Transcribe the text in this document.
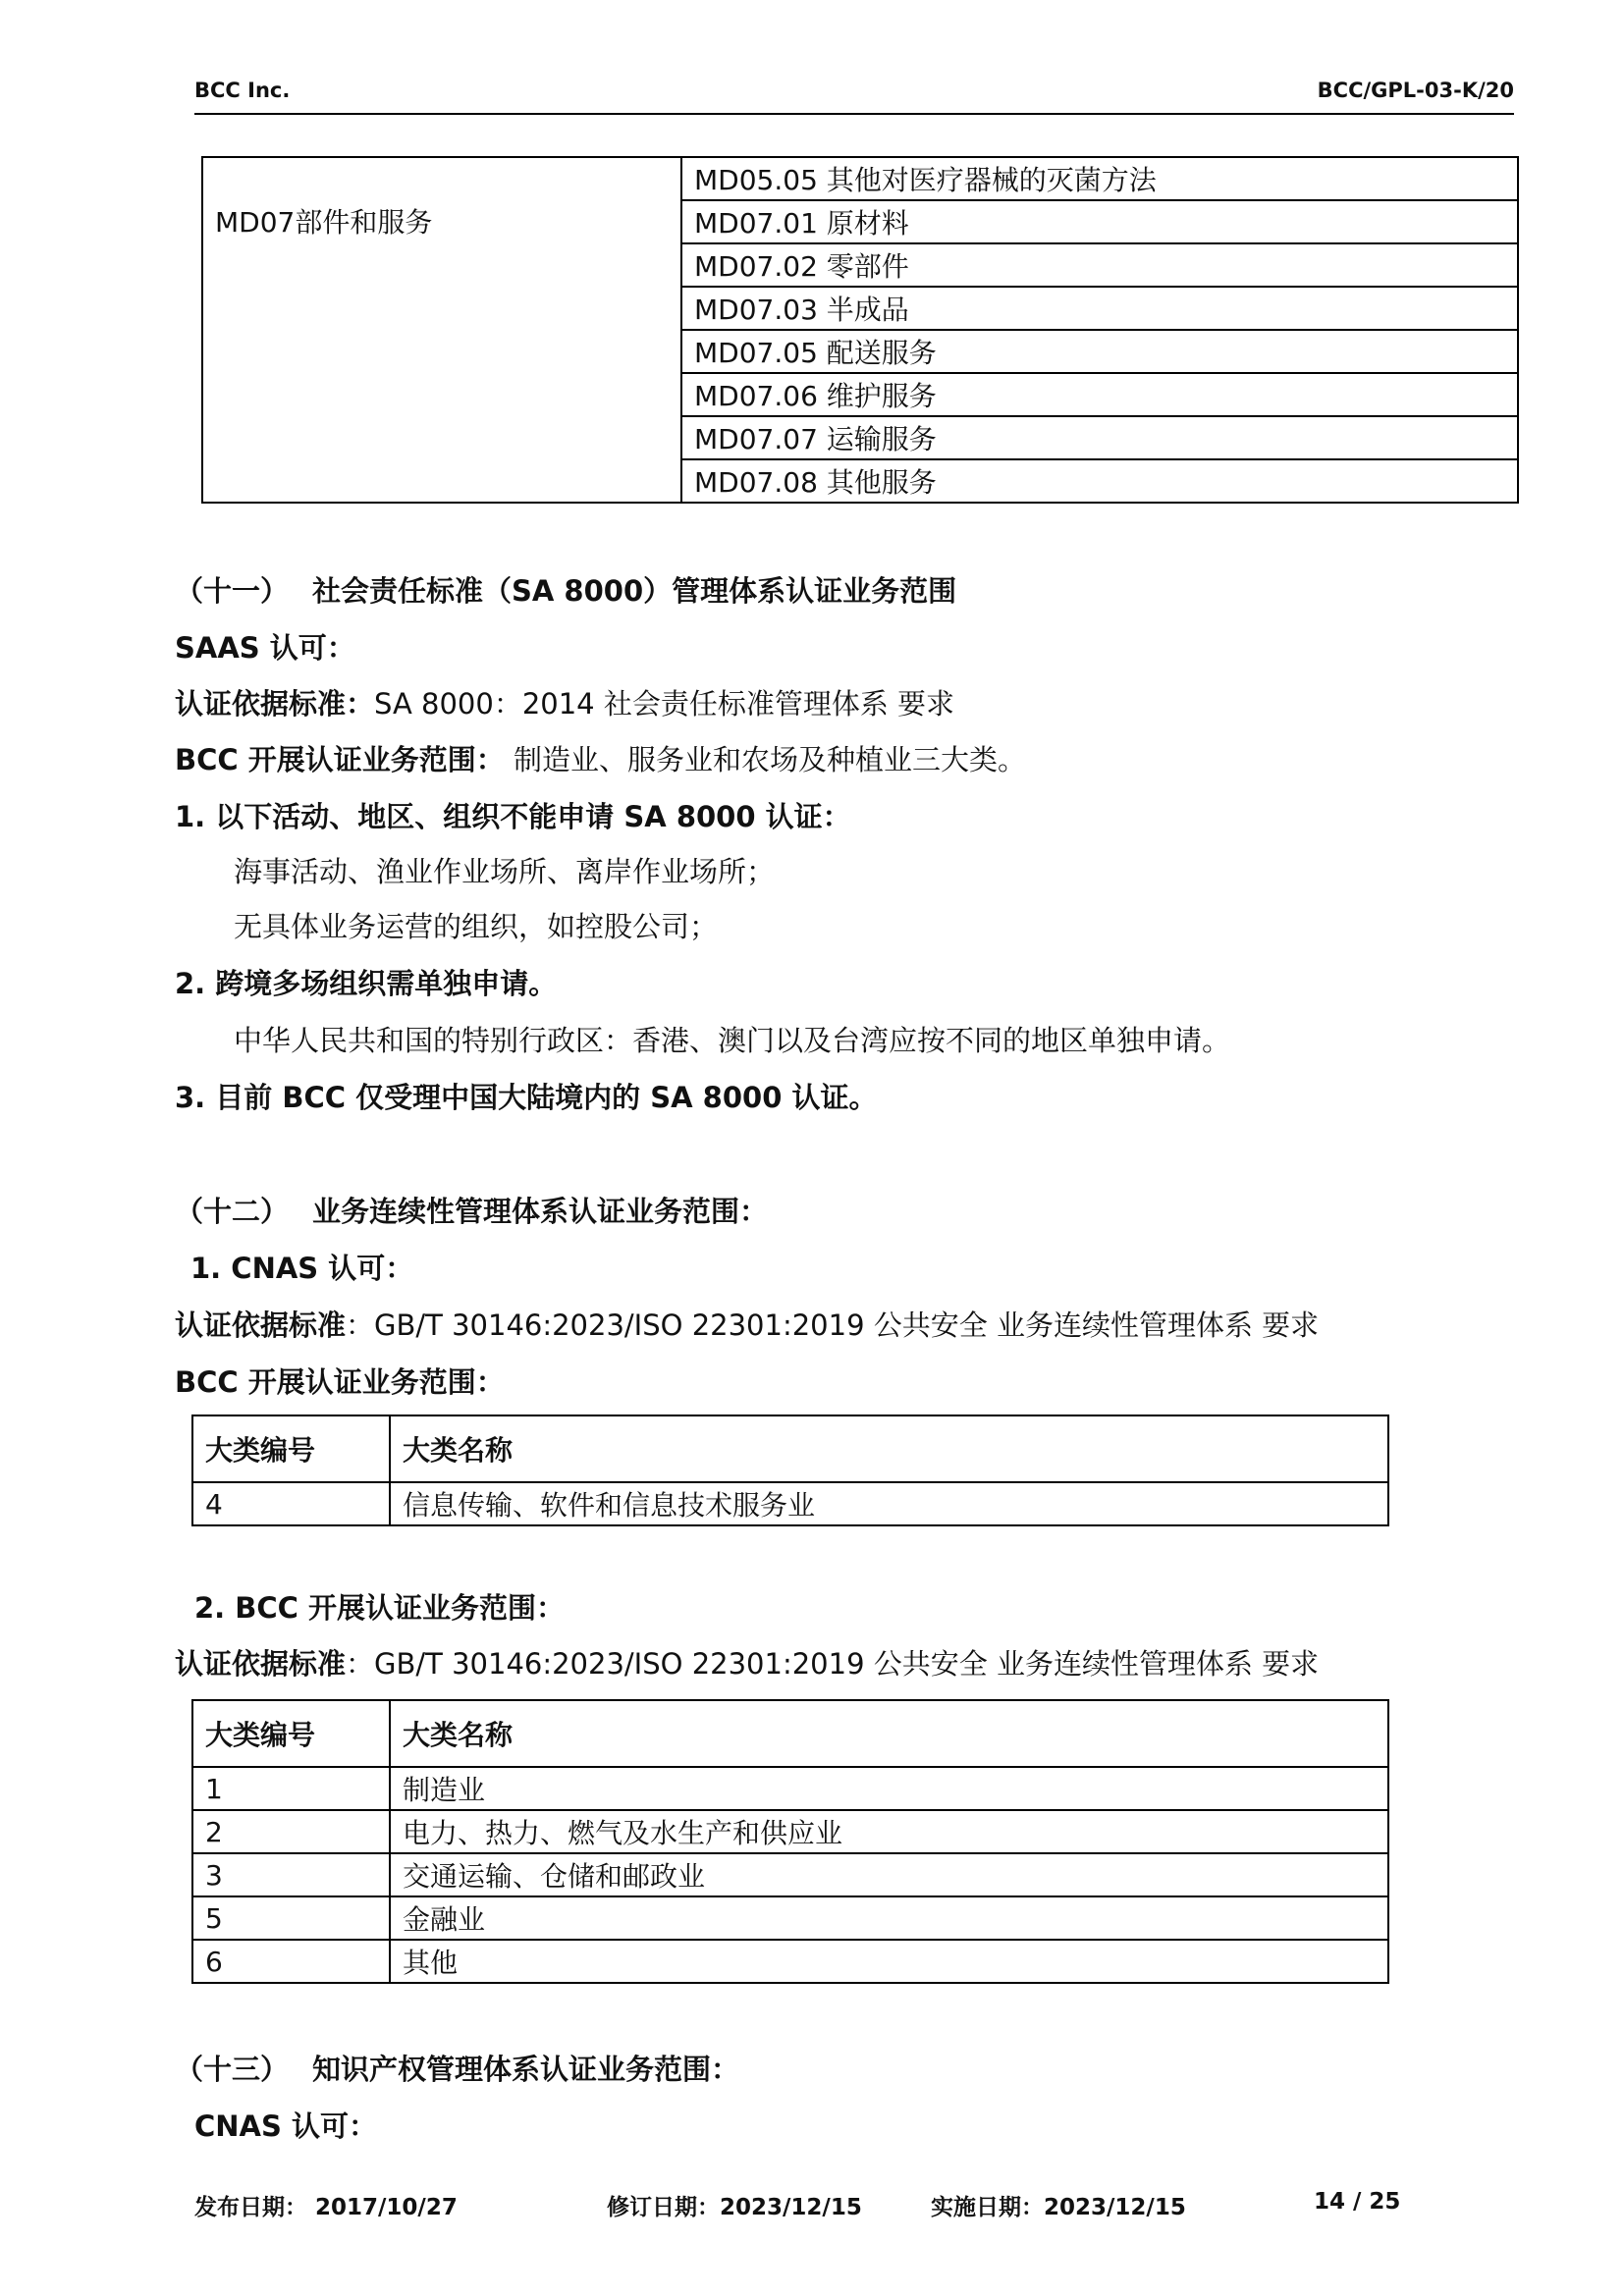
BCC Inc.	BCC/GPL-03-K/20
MD07部件和服务	MD05.05 其他对医疗器械的灭菌方法
MD07.01 原材料
MD07.02 零部件
MD07.03 半成品
MD07.05 配送服务
MD07.06 维护服务
MD07.07 运输服务
MD07.08 其他服务
（十一） 社会责任标准（SA 8000）管理体系认证业务范围
SAAS 认可：
认证依据标准：SA 8000：2014 社会责任标准管理体系 要求
BCC 开展认证业务范围： 制造业、服务业和农场及种植业三大类。
1. 以下活动、地区、组织不能申请 SA 8000 认证：
海事活动、渔业作业场所、离岸作业场所；
无具体业务运营的组织，如控股公司；
2. 跨境多场组织需单独申请。
中华人民共和国的特别行政区：香港、澳门以及台湾应按不同的地区单独申请。
3. 目前 BCC 仅受理中国大陆境内的 SA 8000 认证。
（十二） 业务连续性管理体系认证业务范围：
1. CNAS 认可：
认证依据标准：GB/T 30146:2023/ISO 22301:2019 公共安全 业务连续性管理体系 要求
BCC 开展认证业务范围：
大类编号	大类名称
4	信息传输、软件和信息技术服务业
2. BCC 开展认证业务范围：
认证依据标准：GB/T 30146:2023/ISO 22301:2019 公共安全 业务连续性管理体系 要求
大类编号	大类名称
1	制造业
2	电力、热力、燃气及水生产和供应业
3	交通运输、仓储和邮政业
5	金融业
6	其他
（十三） 知识产权管理体系认证业务范围：
CNAS 认可：
发布日期： 2017/10/27	修订日期：2023/12/15	实施日期：2023/12/15	14 / 25
